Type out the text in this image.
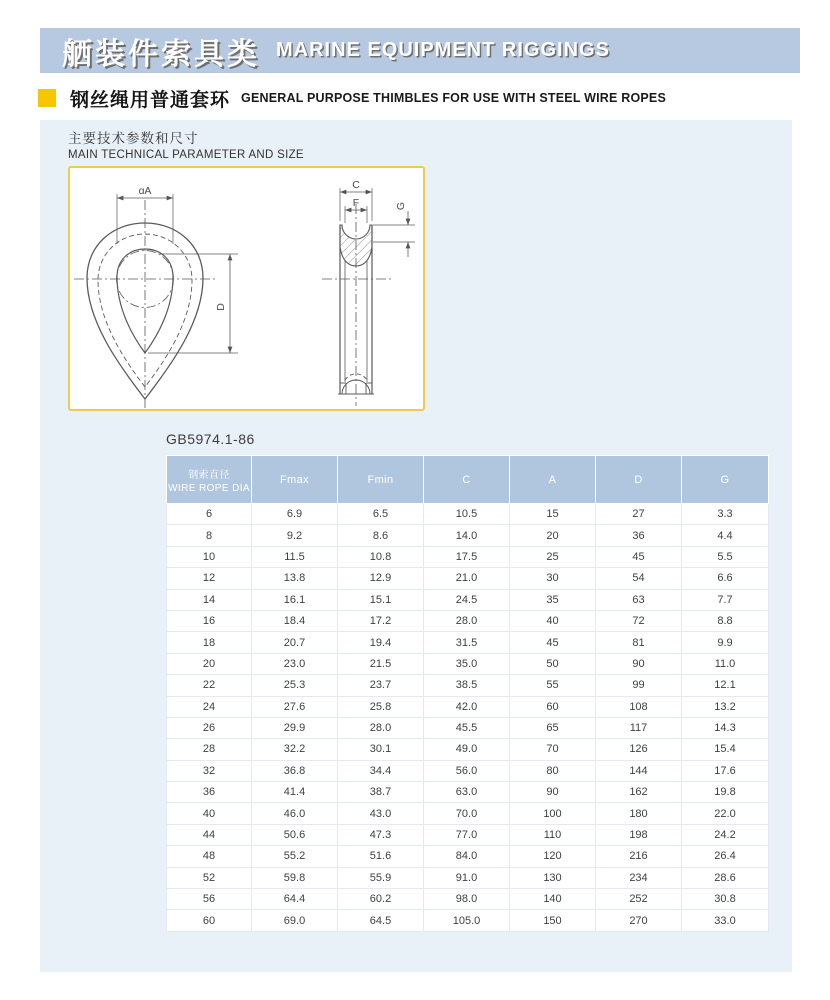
舾装件索具类 MARINE EQUIPMENT RIGGINGS
钢丝绳用普通套环 GENERAL PURPOSE THIMBLES FOR USE WITH STEEL WIRE ROPES
主要技术参数和尺寸
MAIN TECHNICAL PARAMETER AND SIZE
ɑA
D
C
F	G
GB5974.1-86
钢索直径
WIRE ROPE DIA	Fmax	Fmin	C	A	D	G
6	6.9	6.5	10.5	15	27	3.3
8	9.2	8.6	14.0	20	36	4.4
10	11.5	10.8	17.5	25	45	5.5
12	13.8	12.9	21.0	30	54	6.6
14	16.1	15.1	24.5	35	63	7.7
16	18.4	17.2	28.0	40	72	8.8
18	20.7	19.4	31.5	45	81	9.9
20	23.0	21.5	35.0	50	90	11.0
22	25.3	23.7	38.5	55	99	12.1
24	27.6	25.8	42.0	60	108	13.2
26	29.9	28.0	45.5	65	117	14.3
28	32.2	30.1	49.0	70	126	15.4
32	36.8	34.4	56.0	80	144	17.6
36	41.4	38.7	63.0	90	162	19.8
40	46.0	43.0	70.0	100	180	22.0
44	50.6	47.3	77.0	110	198	24.2
48	55.2	51.6	84.0	120	216	26.4
52	59.8	55.9	91.0	130	234	28.6
56	64.4	60.2	98.0	140	252	30.8
60	69.0	64.5	105.0	150	270	33.0
